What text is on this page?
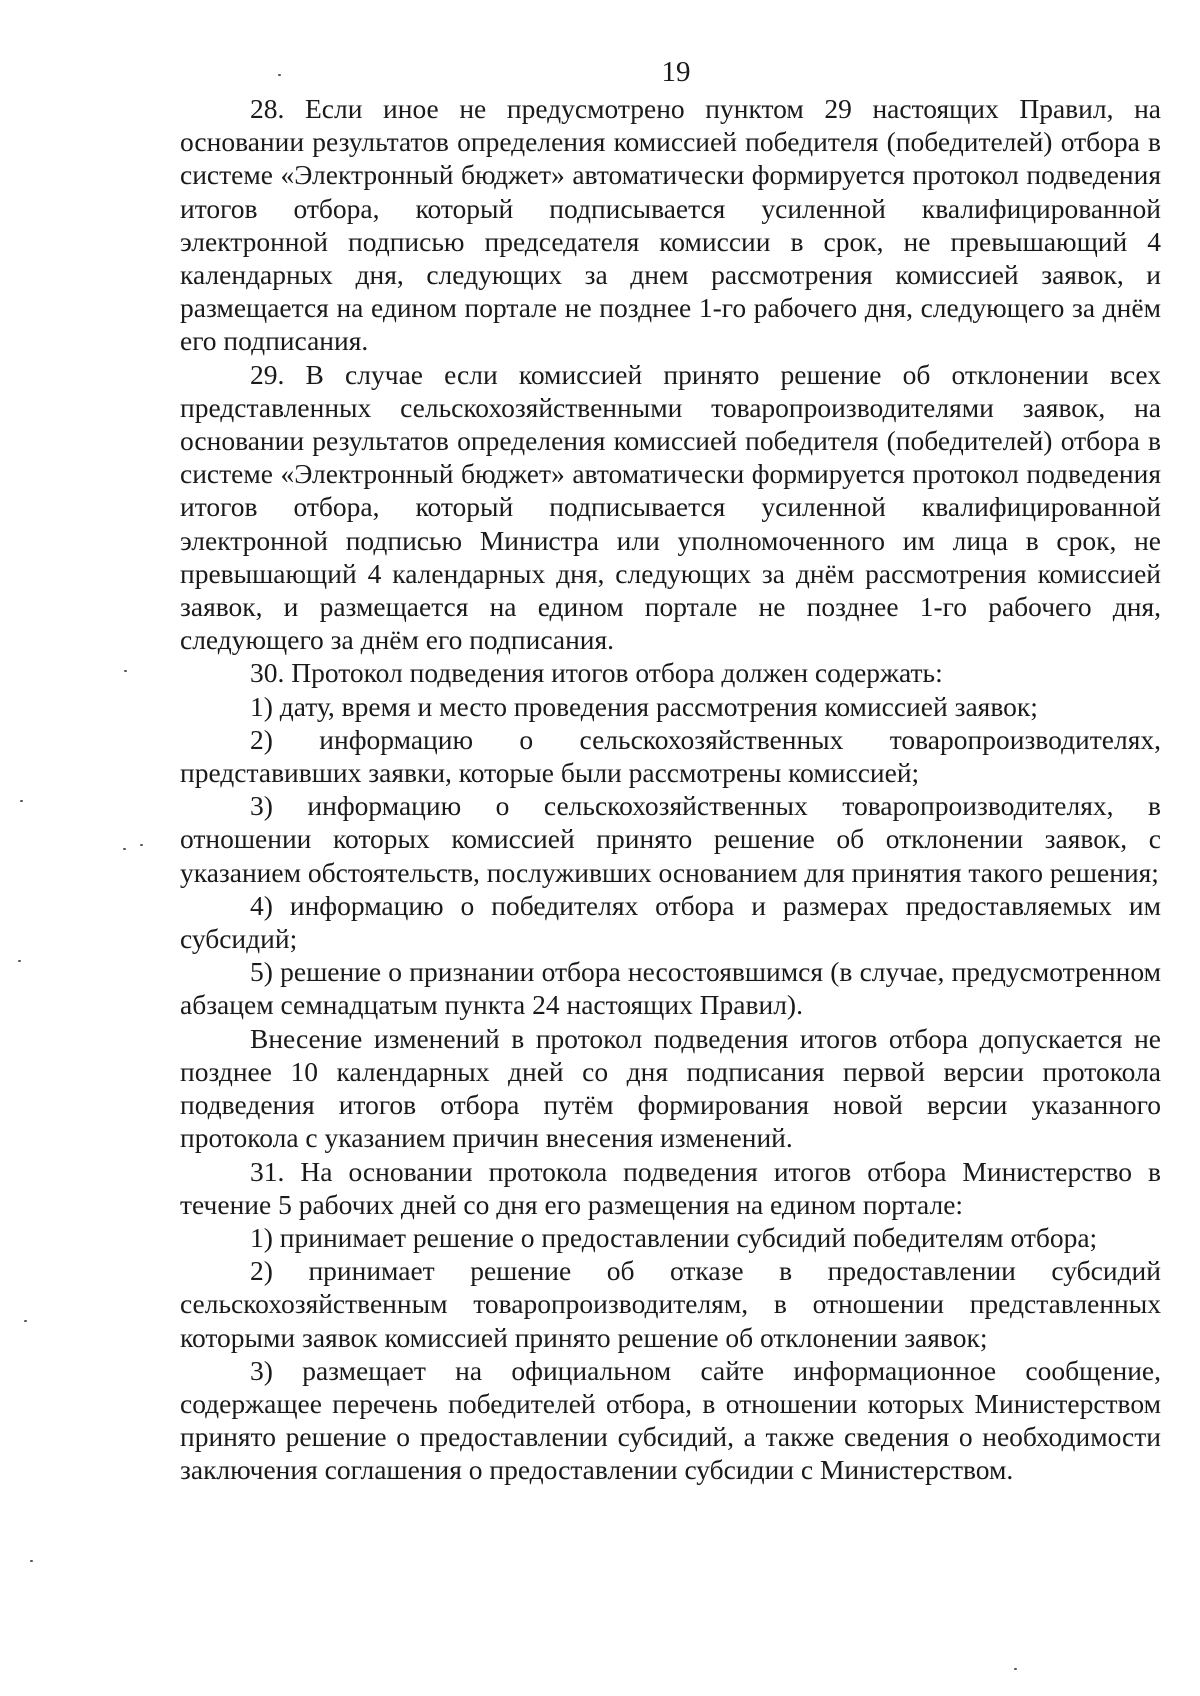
19

28. Если иное не предусмотрено пунктом 29 настоящих Правил, на основании результатов определения комиссией победителя (победителей) отбора в системе «Электронный бюджет» автоматически формируется протокол подведения итогов отбора, который подписывается усиленной квалифицированной электронной подписью председателя комиссии в срок, не превышающий 4 календарных дня, следующих за днем рассмотрения комиссией заявок, и размещается на едином портале не позднее 1-го рабочего дня, следующего за днём его подписания.

29. В случае если комиссией принято решение об отклонении всех представленных сельскохозяйственными товаропроизводителями заявок, на основании результатов определения комиссией победителя (победителей) отбора в системе «Электронный бюджет» автоматически формируется протокол подведения итогов отбора, который подписывается усиленной квалифицированной электронной подписью Министра или уполномоченного им лица в срок, не превышающий 4 календарных дня, следующих за днём рассмотрения комиссией заявок, и размещается на едином портале не позднее 1-го рабочего дня, следующего за днём его подписания.

30. Протокол подведения итогов отбора должен содержать:

1) дату, время и место проведения рассмотрения комиссией заявок;

2) информацию о сельскохозяйственных товаропроизводителях, представивших заявки, которые были рассмотрены комиссией;

3) информацию о сельскохозяйственных товаропроизводителях, в отношении которых комиссией принято решение об отклонении заявок, с указанием обстоятельств, послуживших основанием для принятия такого решения;

4) информацию о победителях отбора и размерах предоставляемых им субсидий;

5) решение о признании отбора несостоявшимся (в случае, предусмотренном абзацем семнадцатым пункта 24 настоящих Правил).

Внесение изменений в протокол подведения итогов отбора допускается не позднее 10 календарных дней со дня подписания первой версии протокола подведения итогов отбора путём формирования новой версии указанного протокола с указанием причин внесения изменений.

31. На основании протокола подведения итогов отбора Министерство в течение 5 рабочих дней со дня его размещения на едином портале:

1) принимает решение о предоставлении субсидий победителям отбора;

2) принимает решение об отказе в предоставлении субсидий сельскохозяйственным товаропроизводителям, в отношении представленных которыми заявок комиссией принято решение об отклонении заявок;

3) размещает на официальном сайте информационное сообщение, содержащее перечень победителей отбора, в отношении которых Министерством принято решение о предоставлении субсидий, а также сведения о необходимости заключения соглашения о предоставлении субсидии с Министерством.
